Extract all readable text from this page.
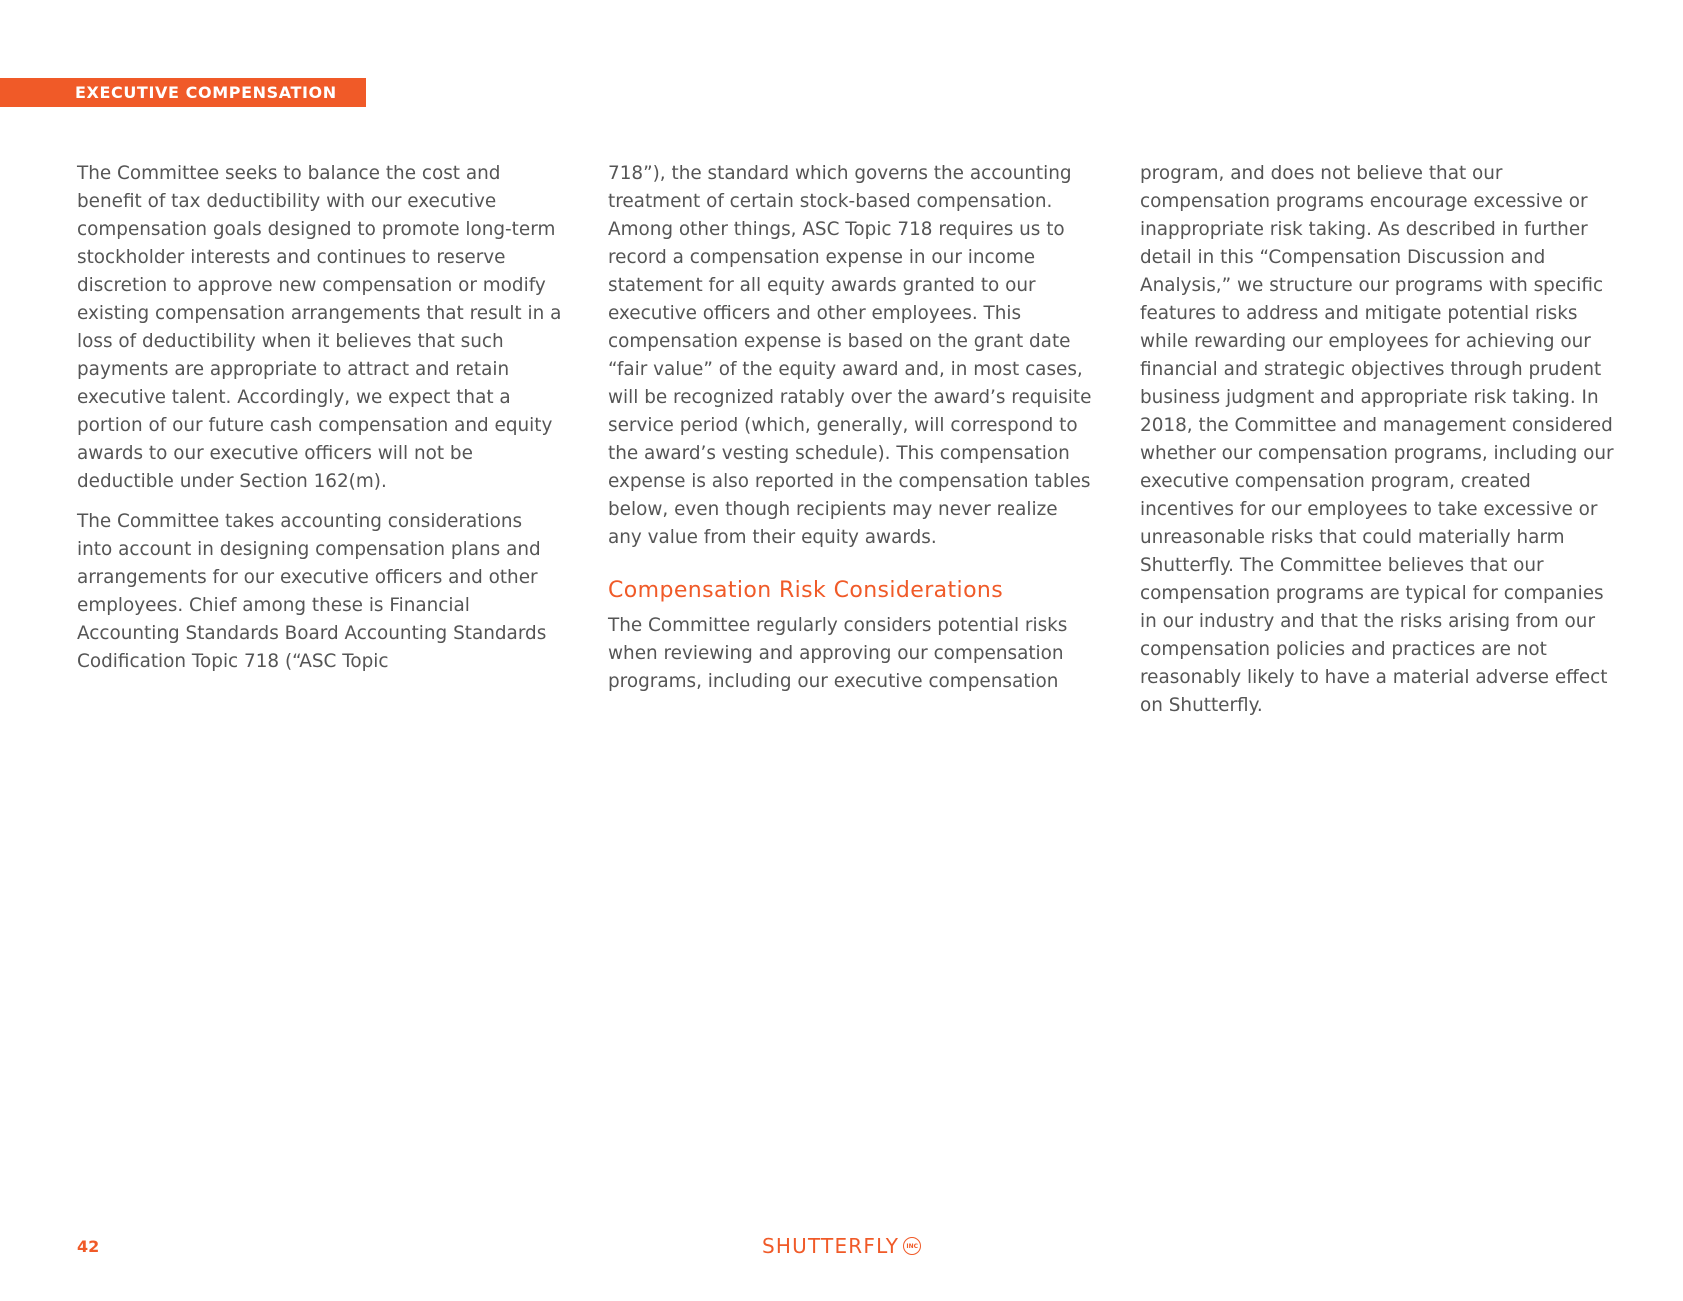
EXECUTIVE COMPENSATION

The Committee seeks to balance the cost and benefit of tax deductibility with our executive compensation goals designed to promote long-term stockholder interests and continues to reserve discretion to approve new compensation or modify existing compensation arrangements that result in a loss of deductibility when it believes that such payments are appropriate to attract and retain executive talent. Accordingly, we expect that a portion of our future cash compensation and equity awards to our executive officers will not be deductible under Section 162(m).

The Committee takes accounting considerations into account in designing compensation plans and arrangements for our executive officers and other employees. Chief among these is Financial Accounting Standards Board Accounting Standards Codification Topic 718 (“ASC Topic

718”), the standard which governs the accounting treatment of certain stock-based compensation. Among other things, ASC Topic 718 requires us to record a compensation expense in our income statement for all equity awards granted to our executive officers and other employees. This compensation expense is based on the grant date “fair value” of the equity award and, in most cases, will be recognized ratably over the award’s requisite service period (which, generally, will correspond to the award’s vesting schedule). This compensation expense is also reported in the compensation tables below, even though recipients may never realize any value from their equity awards.

Compensation Risk Considerations

The Committee regularly considers potential risks when reviewing and approving our compensation programs, including our executive compensation

program, and does not believe that our compensation programs encourage excessive or inappropriate risk taking. As described in further detail in this “Compensation Discussion and Analysis,” we structure our programs with specific features to address and mitigate potential risks while rewarding our employees for achieving our financial and strategic objectives through prudent business judgment and appropriate risk taking. In 2018, the Committee and management considered whether our compensation programs, including our executive compensation program, created incentives for our employees to take excessive or unreasonable risks that could materially harm Shutterfly. The Committee believes that our compensation programs are typical for companies in our industry and that the risks arising from our compensation policies and practices are not reasonably likely to have a material adverse effect on Shutterfly.

42	SHUTTERFLY	INC
